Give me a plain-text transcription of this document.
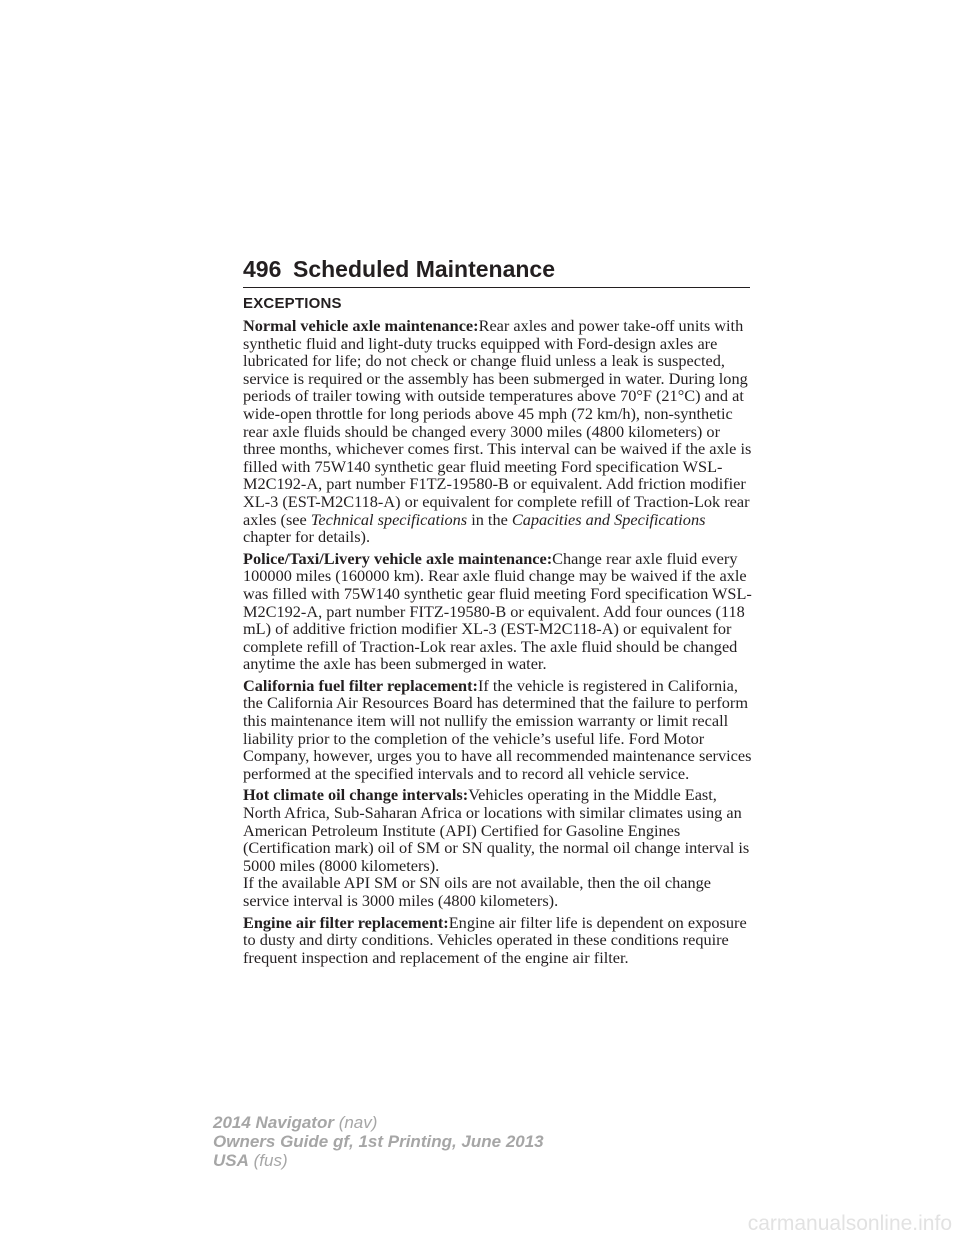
496 Scheduled Maintenance
EXCEPTIONS

Normal vehicle axle maintenance:Rear axles and power take-off units with synthetic fluid and light-duty trucks equipped with Ford-design axles are lubricated for life; do not check or change fluid unless a leak is suspected, service is required or the assembly has been submerged in water. During long periods of trailer towing with outside temperatures above 70°F (21°C) and at wide-open throttle for long periods above 45 mph (72 km/h), non-synthetic rear axle fluids should be changed every 3000 miles (4800 kilometers) or three months, whichever comes first. This interval can be waived if the axle is filled with 75W140 synthetic gear fluid meeting Ford specification WSL-M2C192-A, part number F1TZ-19580-B or equivalent. Add friction modifier XL-3 (EST-M2C118-A) or equivalent for complete refill of Traction-Lok rear axles (see Technical specifications in the Capacities and Specifications chapter for details).

Police/Taxi/Livery vehicle axle maintenance:Change rear axle fluid every 100000 miles (160000 km). Rear axle fluid change may be waived if the axle was filled with 75W140 synthetic gear fluid meeting Ford specification WSL-M2C192-A, part number FITZ-19580-B or equivalent. Add four ounces (118 mL) of additive friction modifier XL-3 (EST-M2C118-A) or equivalent for complete refill of Traction-Lok rear axles. The axle fluid should be changed anytime the axle has been submerged in water.

California fuel filter replacement:If the vehicle is registered in California, the California Air Resources Board has determined that the failure to perform this maintenance item will not nullify the emission warranty or limit recall liability prior to the completion of the vehicle’s useful life. Ford Motor Company, however, urges you to have all recommended maintenance services performed at the specified intervals and to record all vehicle service.

Hot climate oil change intervals:Vehicles operating in the Middle East, North Africa, Sub-Saharan Africa or locations with similar climates using an American Petroleum Institute (API) Certified for Gasoline Engines (Certification mark) oil of SM or SN quality, the normal oil change interval is 5000 miles (8000 kilometers).

If the available API SM or SN oils are not available, then the oil change service interval is 3000 miles (4800 kilometers).

Engine air filter replacement:Engine air filter life is dependent on exposure to dusty and dirty conditions. Vehicles operated in these conditions require frequent inspection and replacement of the engine air filter.

2014 Navigator (nav)
Owners Guide gf, 1st Printing, June 2013
USA (fus)
carmanualsonline.info
